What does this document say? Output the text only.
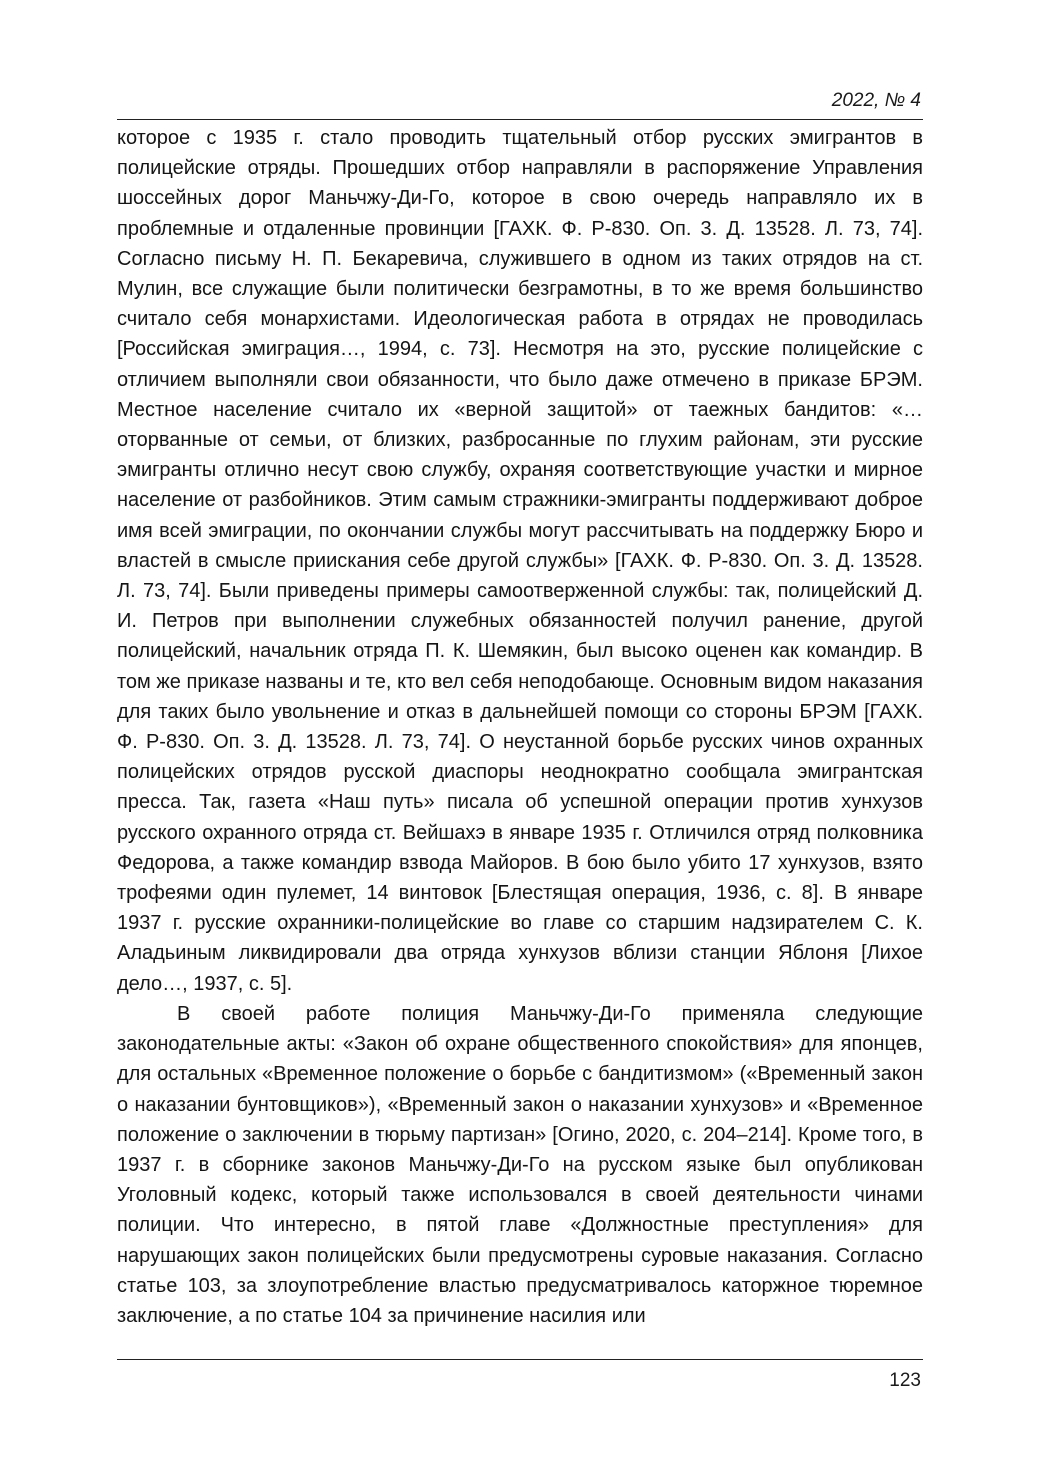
2022, № 4

которое с 1935 г. стало проводить тщательный отбор русских эмигрантов в полицейские отряды. Прошедших отбор направляли в распоряжение Управления шоссейных дорог Маньчжу-Ди-Го, которое в свою очередь направляло их в проблемные и отдаленные провинции [ГАХК. Ф. Р-830. Оп. 3. Д. 13528. Л. 73, 74]. Согласно письму Н. П. Бекаревича, служившего в одном из таких отрядов на ст. Мулин, все служащие были политически безграмотны, в то же время большинство считало себя монархистами. Идеологическая работа в отрядах не проводилась [Российская эмиграция…, 1994, с. 73]. Несмотря на это, русские полицейские с отличием выполняли свои обязанности, что было даже отмечено в приказе БРЭМ. Местное население считало их «верной защитой» от таежных бандитов: «…оторванные от семьи, от близких, разбросанные по глухим районам, эти русские эмигранты отлично несут свою службу, охраняя соответствующие участки и мирное население от разбойников. Этим самым стражники-эмигранты поддерживают доброе имя всей эмиграции, по окончании службы могут рассчитывать на поддержку Бюро и властей в смысле приискания себе другой службы» [ГАХК. Ф. Р-830. Оп. 3. Д. 13528. Л. 73, 74]. Были приведены примеры самоотверженной службы: так, полицейский Д. И. Петров при выполнении служебных обязанностей получил ранение, другой полицейский, начальник отряда П. К. Шемякин, был высоко оценен как командир. В том же приказе названы и те, кто вел себя неподобающе. Основным видом наказания для таких было увольнение и отказ в дальнейшей помощи со стороны БРЭМ [ГАХК. Ф. Р-830. Оп. 3. Д. 13528. Л. 73, 74]. О неустанной борьбе русских чинов охранных полицейских отрядов русской диаспоры неоднократно сообщала эмигрантская пресса. Так, газета «Наш путь» писала об успешной операции против хунхузов русского охранного отряда ст. Вейшахэ в январе 1935 г. Отличился отряд полковника Федорова, а также командир взвода Майоров. В бою было убито 17 хунхузов, взято трофеями один пулемет, 14 винтовок [Блестящая операция, 1936, с. 8]. В январе 1937 г. русские охранники-полицейские во главе со старшим надзирателем С. К. Аладьиным ликвидировали два отряда хунхузов вблизи станции Яблоня [Лихое дело…, 1937, с. 5].

В своей работе полиция Маньчжу-Ди-Го применяла следующие законодательные акты: «Закон об охране общественного спокойствия» для японцев, для остальных «Временное положение о борьбе с бандитизмом» («Временный закон о наказании бунтовщиков»), «Временный закон о наказании хунхузов» и «Временное положение о заключении в тюрьму партизан» [Огино, 2020, с. 204–214]. Кроме того, в 1937 г. в сборнике законов Маньчжу-Ди-Го на русском языке был опубликован Уголовный кодекс, который также использовался в своей деятельности чинами полиции. Что интересно, в пятой главе «Должностные преступления» для нарушающих закон полицейских были предусмотрены суровые наказания. Согласно статье 103, за злоупотребление властью предусматривалось каторжное тюремное заключение, а по статье 104 за причинение насилия или

123
